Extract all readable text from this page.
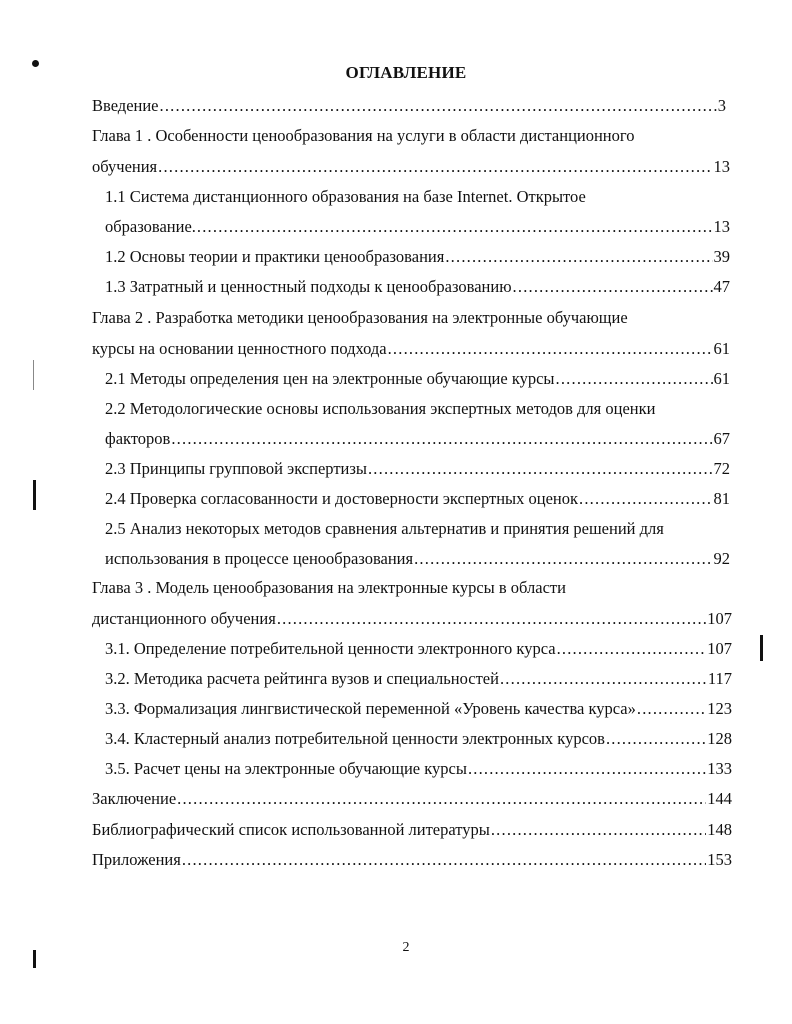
ОГЛАВЛЕНИЕ
Введение .....	3
Глава 1 . Особенности ценообразования на услуги в области дистанционного
обучения .....	13
1.1 Система дистанционного образования на базе Internet. Открытое
образование. .....	13
1.2 Основы теории и практики ценообразования .....	39
1.3 Затратный и ценностный подходы к ценообразованию .....	47
Глава 2 . Разработка методики ценообразования на электронные обучающие
курсы на основании ценностного подхода .....	61
2.1 Методы определения цен на электронные обучающие курсы .....	61
2.2 Методологические основы использования экспертных методов для оценки
факторов .....	67
2.3 Принципы групповой экспертизы .....	72
2.4 Проверка согласованности и достоверности экспертных оценок .....	81
2.5 Анализ некоторых методов сравнения альтернатив и принятия решений для
использования в процессе ценообразования .....	92
Глава 3 . Модель ценообразования на электронные курсы в области
дистанционного обучения .....	107
3.1. Определение потребительной ценности электронного курса .....	107
3.2. Методика расчета рейтинга вузов и специальностей .....	117
3.3. Формализация лингвистической переменной «Уровень качества курса» .....	123
3.4. Кластерный анализ потребительной ценности электронных курсов .....	128
3.5. Расчет цены на электронные обучающие курсы .....	133
Заключение .....	144
Библиографический список использованной литературы .....	148
Приложения .....	153
2
